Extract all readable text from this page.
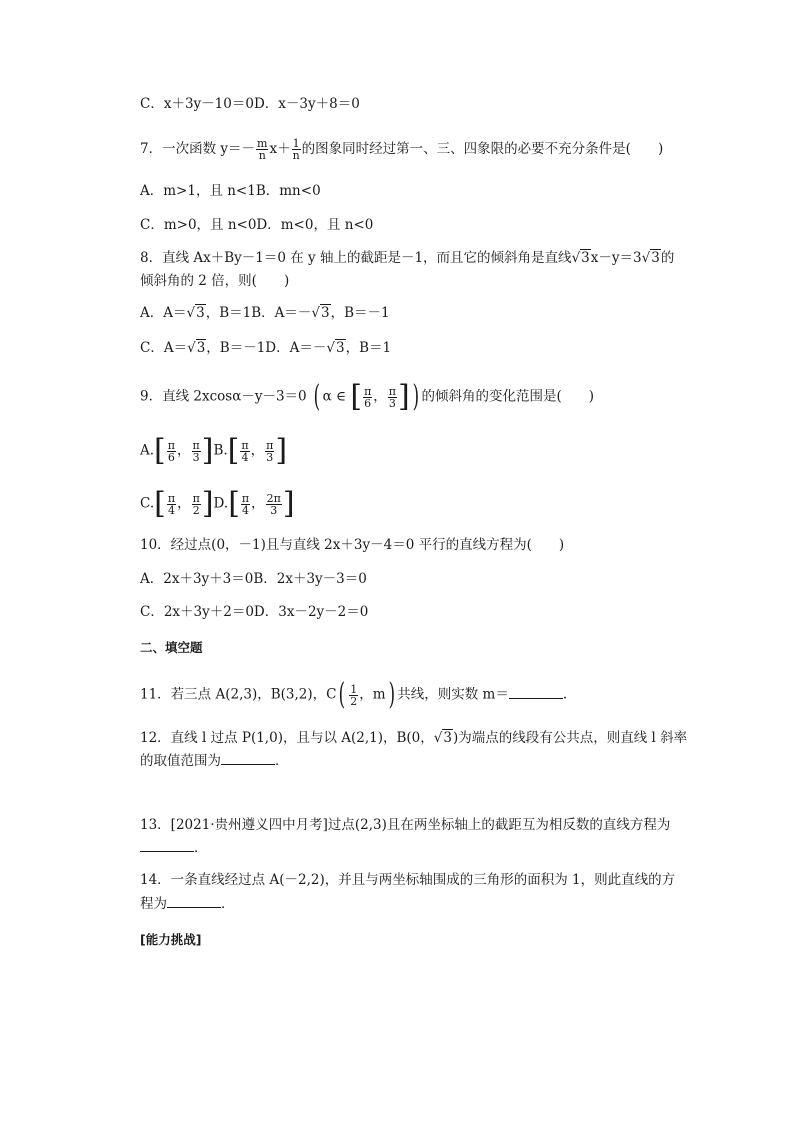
C．x＋3y－10＝0D．x－3y＋8＝0
7．一次函数 $y=- \frac{m}{n} x+ \frac{1}{n}$ 的图象同时经过第一、三、四象限的必要不充分条件是(　　)
A．m>1，且 n<1B．mn<0
C．m>0，且 n<0D．m<0，且 n<0
8．直线 Ax＋By－1＝0 在 y 轴上的截距是－1，而且它的倾斜角是直线√3x－y＝3√3的
倾斜角的 2 倍，则(　　)
A．A＝√3，B＝1B．A＝－√3，B＝－1
C．A＝√3，B＝－1D．A＝－√3，B＝1
9．直线 2xcosα－y－3＝0 ( α ∈ [ $\frac{\pi}{6}$ ， $\frac{\pi}{3}$ ]) 的倾斜角的变化范围是(　　)
$A.[ \frac{\pi}{6}$ ， $\frac{\pi}{3} ]B.[ \frac{\pi}{4}$ ， $\frac{\pi}{3}$ ]
$C.[ \frac{\pi}{4}$ ， $\frac{\pi}{2} ]D.[ \frac{\pi}{4}$ ， $\frac{2\pi}{3}$ ]
10．经过点(0，－1)且与直线 2x＋3y－4＝0 平行的直线方程为(　　)
A．2x＋3y＋3＝0B．2x＋3y－3＝0
C．2x＋3y＋2＝0D．3x－2y－2＝0
二、填空题
11．若三点 A(2,3)，B(3,2)，$C( \frac{1}{2}$ ，m) 共线，则实数 m＝	.
12．直线 l 过点 P(1,0)，且与以 A(2,1)，B(0，√3)为端点的线段有公共点，则直线 l 斜率
的取值范围为	．
13．[2021·贵州遵义四中月考]过点(2,3)且在两坐标轴上的截距互为相反数的直线方程为
．
14．一条直线经过点 A(－2,2)，并且与两坐标轴围成的三角形的面积为 1，则此直线的方
程为	．
[能力挑战]
